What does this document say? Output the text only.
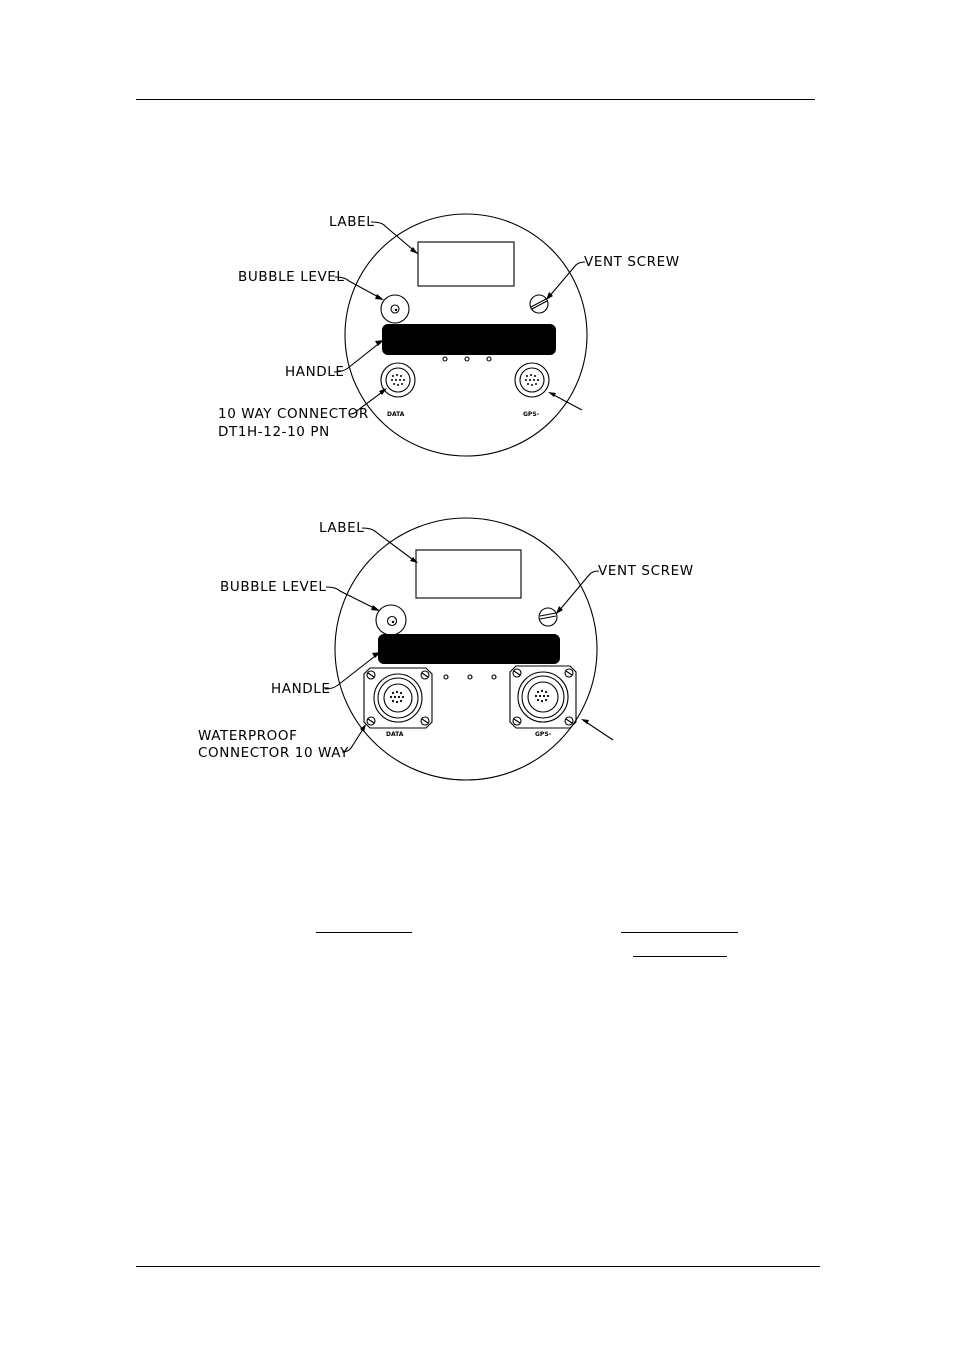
DATA	GPS-
LABEL
BUBBLE LEVEL
VENT SCREW
HANDLE
10 WAY CONNECTOR
DT1H-12-10 PN
DATA	GPS-
LABEL
BUBBLE LEVEL
VENT SCREW
HANDLE
WATERPROOF
CONNECTOR 10 WAY
